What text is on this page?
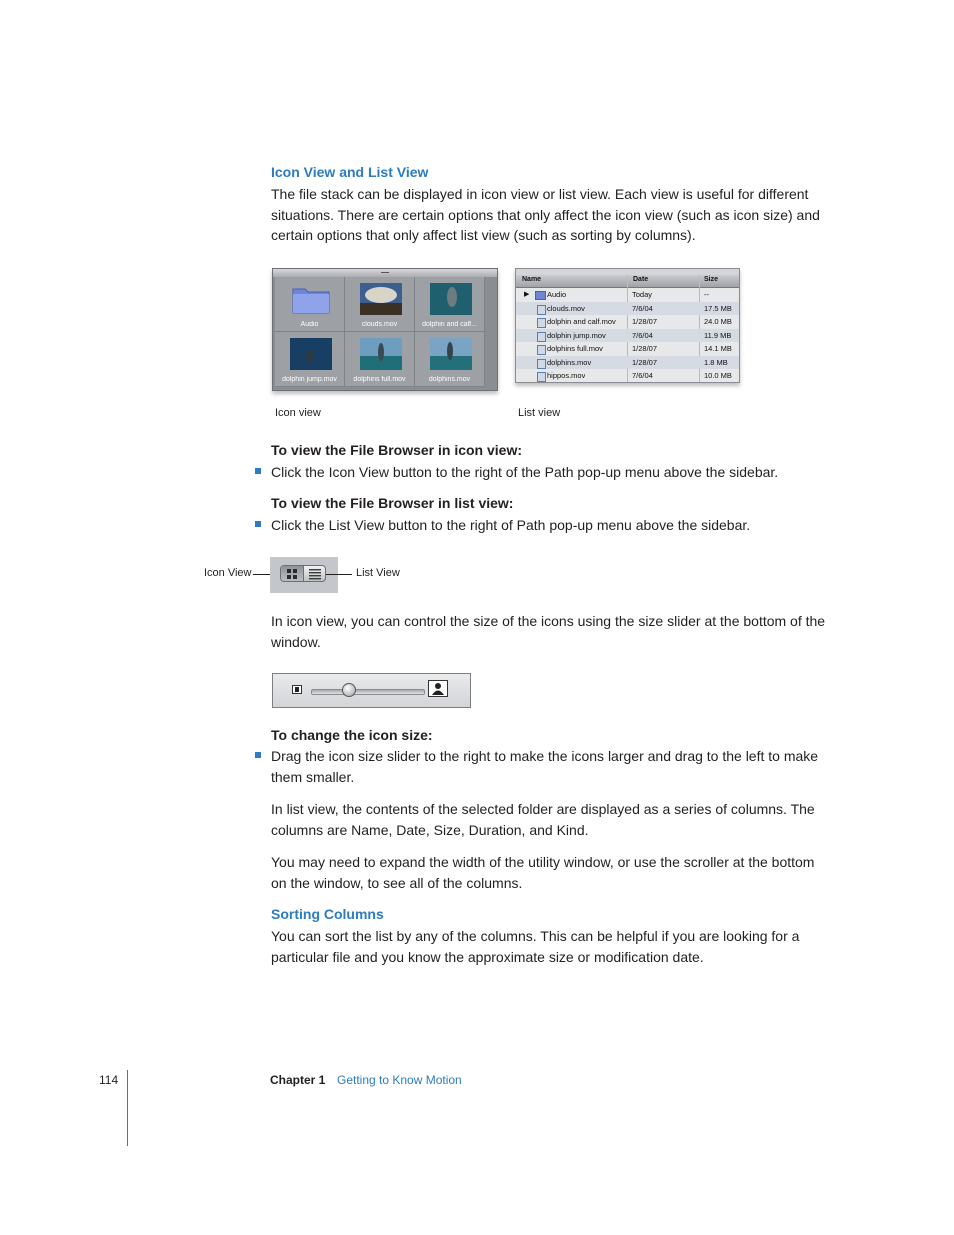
Icon View and List View
The file stack can be displayed in icon view or list view. Each view is useful for different situations. There are certain options that only affect the icon view (such as icon size) and certain options that only affect list view (such as sorting by columns).
Audio	clouds.mov	dolphin and calf...
dolphin jump.mov	dolphins full.mov	dolphins.mov
Name	Date	Size
▶ Audio	Today	--
clouds.mov	7/6/04	17.5 MB
dolphin and calf.mov 1/28/07	24.0 MB
dolphin jump.mov	7/6/04	11.9 MB
dolphins full.mov	1/28/07	14.1 MB
dolphins.mov	1/28/07	1.8 MB
hippos.mov	7/6/04	10.0 MB
Icon view	List view
To view the File Browser in icon view:
Click the Icon View button to the right of the Path pop-up menu above the sidebar.
To view the File Browser in list view:
Click the List View button to the right of Path pop-up menu above the sidebar.
Icon View	List View
In icon view, you can control the size of the icons using the size slider at the bottom of the window.
To change the icon size:
Drag the icon size slider to the right to make the icons larger and drag to the left to make them smaller.
In list view, the contents of the selected folder are displayed as a series of columns. The columns are Name, Date, Size, Duration, and Kind.
You may need to expand the width of the utility window, or use the scroller at the bottom on the window, to see all of the columns.
Sorting Columns
You can sort the list by any of the columns. This can be helpful if you are looking for a particular file and you know the approximate size or modification date.
114	Chapter 1 Getting to Know Motion
